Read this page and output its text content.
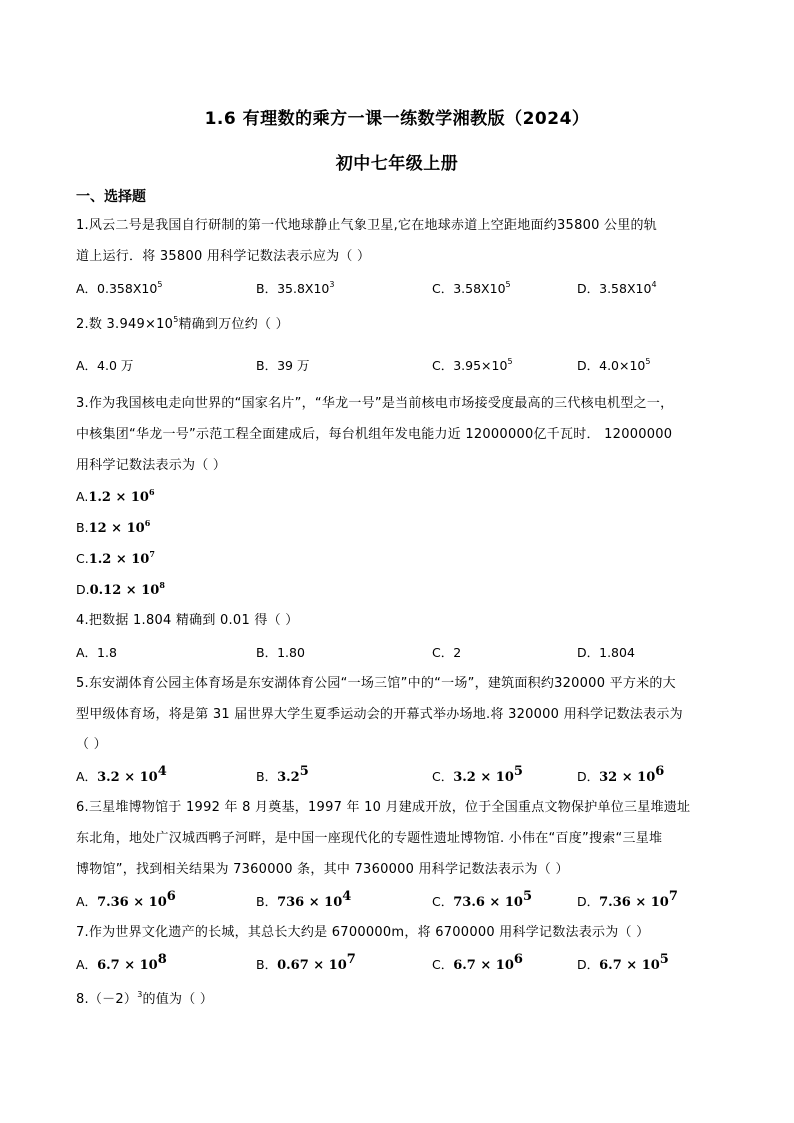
1.6 有理数的乘方一课一练数学湘教版（2024）
初中七年级上册
一、选择题
1.风云二号是我国自行研制的第一代地球静止气象卫星,它在地球赤道上空距地面约35800 公里的轨
道上运行．将 35800 用科学记数法表示应为（ ）
A．$0.358X10^5$	B．$35.8X10^3$	C．$3.58X10^5$	D．$3.58X10^4$
2.数 $3.949\times 10^5$精确到万位约（ ）
A．4.0 万	B．39 万	C．$3.95\times 10^5$	D．$4.0\times 10^5$
3.作为我国核电走向世界的“国家名片”，“华龙一号”是当前核电市场接受度最高的三代核电机型之一，
中核集团“华龙一号”示范工程全面建成后，每台机组年发电能力近 12000000亿千瓦时． 12000000
用科学记数法表示为（ ）
$A.1.2 \times 10^6$
$B.12 \times 10^6$
$C.1.2 \times 10^7$
$D.0.12 \times 10^8$
4.把数据 1.804 精确到 0.01 得（ ）
A．1.8	B．1.80	C．2	D．1.804
5.东安湖体育公园主体育场是东安湖体育公园“一场三馆”中的“一场”，建筑面积约320000 平方米的大
型甲级体育场，将是第 31 届世界大学生夏季运动会的开幕式举办场地.将 320000 用科学记数法表示为
（ ）
A．$3.2 \times 10^4$	B．$3.2^5$	C．$3.2 \times 10^5$	D．$32 \times 10^6$
6.三星堆博物馆于 1992 年 8 月奠基，1997 年 10 月建成开放，位于全国重点文物保护单位三星堆遗址
东北角，地处广汉城西鸭子河畔，是中国一座现代化的专题性遗址博物馆. 小伟在“百度”搜索“三星堆
博物馆”，找到相关结果为 7360000 条，其中 7360000 用科学记数法表示为（ ）
A．$7.36 \times 10^6$	B．$736 \times 10^4$	C．$73.6 \times 10^5$	D．$7.36 \times 10^7$
7.作为世界文化遗产的长城，其总长大约是 6700000m，将 6700000 用科学记数法表示为（ ）
A．$6.7 \times 10^8$	B．$0.67 \times 10^7$	C．$6.7 \times 10^6$	D．$6.7 \times 10^5$
$8.(-2)^3$的值为（ ）
